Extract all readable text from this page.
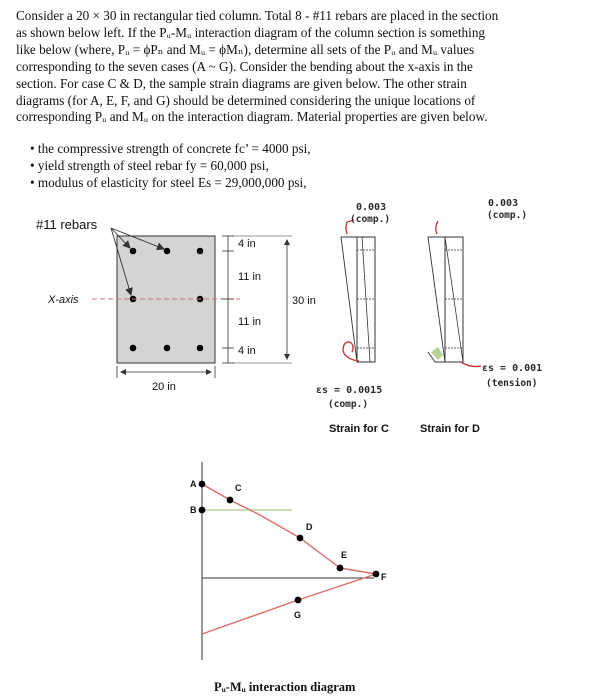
Consider a 20 × 30 in rectangular tied column. Total 8 - #11 rebars are placed in the section
as shown below left. If the Pᵤ-Mᵤ interaction diagram of the column section is something
like below (where, Pᵤ = ϕPₙ and Mᵤ = ϕMₙ), determine all sets of the Pᵤ and Mᵤ values
corresponding to the seven cases (A ~ G). Consider the bending about the x-axis in the
section. For case C & D, the sample strain diagrams are given below. The other strain
diagrams (for A, E, F, and G) should be determined considering the unique locations of
corresponding Pᵤ and Mᵤ on the interaction diagram. Material properties are given below.
• the compressive strength of concrete fc’ = 4000 psi,
• yield strength of steel rebar fy = 60,000 psi,
• modulus of elasticity for steel Es = 29,000,000 psi,
#11 rebars
X-axis
4 in
11 in
11 in
4 in
30 in
20 in
0.003
(comp.)
εs = 0.0015
(comp.)
Strain for C
0.003
(comp.)
εs = 0.001
(tension)
Strain for D
A
B
C
D
E
F
G
Pᵤ-Mᵤ interaction diagram
